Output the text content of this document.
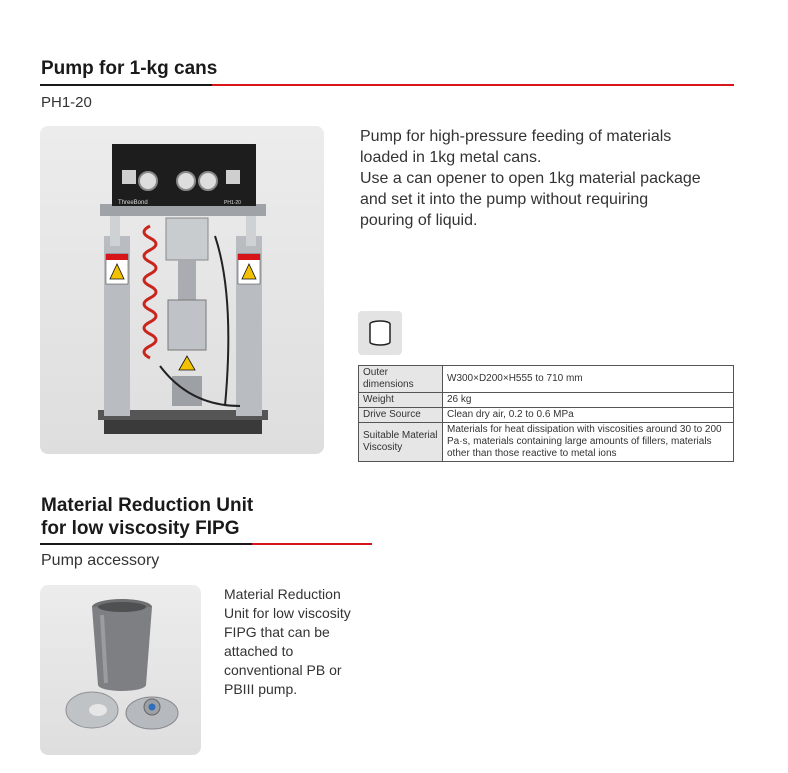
Pump for 1-kg cans
PH1-20
ThreeBond	PH1-20
Pump for high-pressure feeding of materials
loaded in 1kg metal cans.
Use a can opener to open 1kg material package
and set it into the pump without requiring
pouring of liquid.
Outer dimensions	W300×D200×H555 to 710 mm
Weight	26 kg
Drive Source	Clean dry air, 0.2 to 0.6 MPa
Suitable Material Viscosity	Materials for heat dissipation with viscosities around 30 to 200 Pa·s, materials containing large amounts of fillers, materials other than those reactive to metal ions
Material Reduction Unit
for low viscosity FIPG
Pump accessory
Material Reduction
Unit for low viscosity
FIPG that can be
attached to
conventional PB or
PBIII pump.
